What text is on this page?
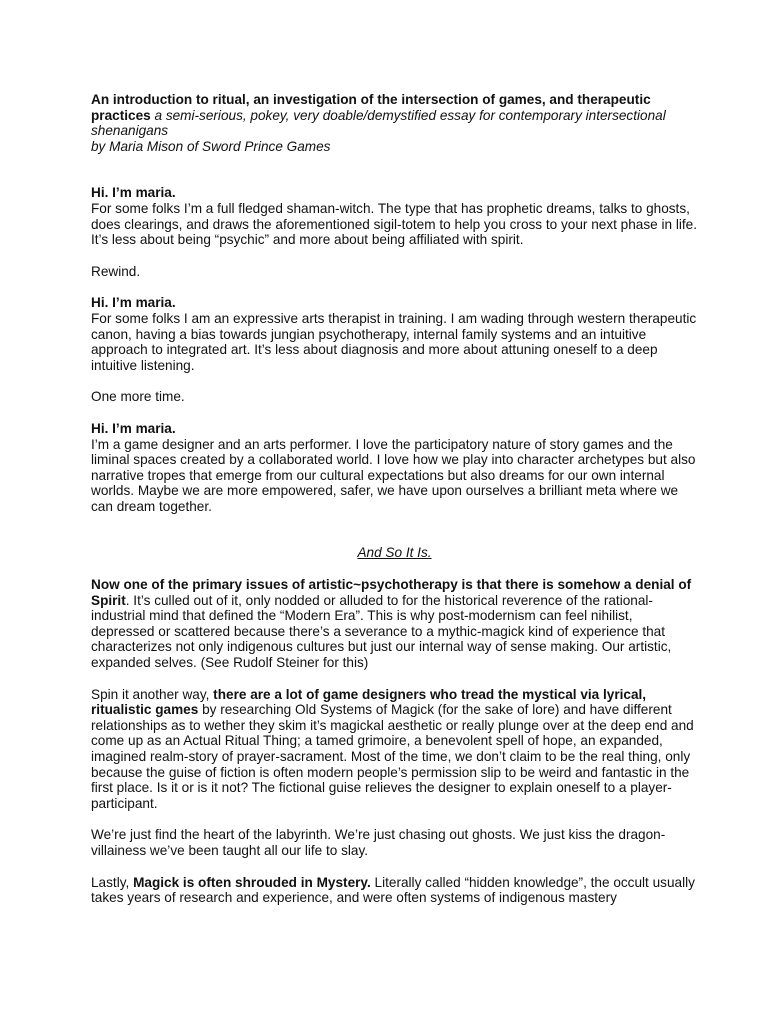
An introduction to ritual, an investigation of the intersection of games, and therapeutic practices a semi-serious, pokey, very doable/demystified essay for contemporary intersectional shenanigans

by Maria Mison of Sword Prince Games

Hi. I’m maria.
For some folks I’m a full fledged shaman-witch. The type that has prophetic dreams, talks to ghosts, does clearings, and draws the aforementioned sigil-totem to help you cross to your next phase in life. It’s less about being “psychic” and more about being affiliated with spirit.

Rewind.

Hi. I’m maria.
For some folks I am an expressive arts therapist in training. I am wading through western therapeutic canon, having a bias towards jungian psychotherapy, internal family systems and an intuitive approach to integrated art. It’s less about diagnosis and more about attuning oneself to a deep intuitive listening.

One more time.

Hi. I’m maria.
I’m a game designer and an arts performer. I love the participatory nature of story games and the liminal spaces created by a collaborated world. I love how we play into character archetypes but also narrative tropes that emerge from our cultural expectations but also dreams for our own internal worlds. Maybe we are more empowered, safer, we have upon ourselves a brilliant meta where we can dream together.

And So It Is.

Now one of the primary issues of artistic~psychotherapy is that there is somehow a denial of Spirit. It’s culled out of it, only nodded or alluded to for the historical reverence of the rational-industrial mind that defined the “Modern Era”. This is why post-modernism can feel nihilist, depressed or scattered because there’s a severance to a mythic-magick kind of experience that characterizes not only indigenous cultures but just our internal way of sense making. Our artistic, expanded selves. (See Rudolf Steiner for this)

Spin it another way, there are a lot of game designers who tread the mystical via lyrical, ritualistic games by researching Old Systems of Magick (for the sake of lore) and have different relationships as to wether they skim it’s magickal aesthetic or really plunge over at the deep end and come up as an Actual Ritual Thing; a tamed grimoire, a benevolent spell of hope, an expanded, imagined realm-story of prayer-sacrament. Most of the time, we don’t claim to be the real thing, only because the guise of fiction is often modern people’s permission slip to be weird and fantastic in the first place. Is it or is it not? The fictional guise relieves the designer to explain oneself to a player-participant.

We’re just find the heart of the labyrinth. We’re just chasing out ghosts. We just kiss the dragon-villainess we’ve been taught all our life to slay.

Lastly, Magick is often shrouded in Mystery. Literally called “hidden knowledge”, the occult usually takes years of research and experience, and were often systems of indigenous mastery
